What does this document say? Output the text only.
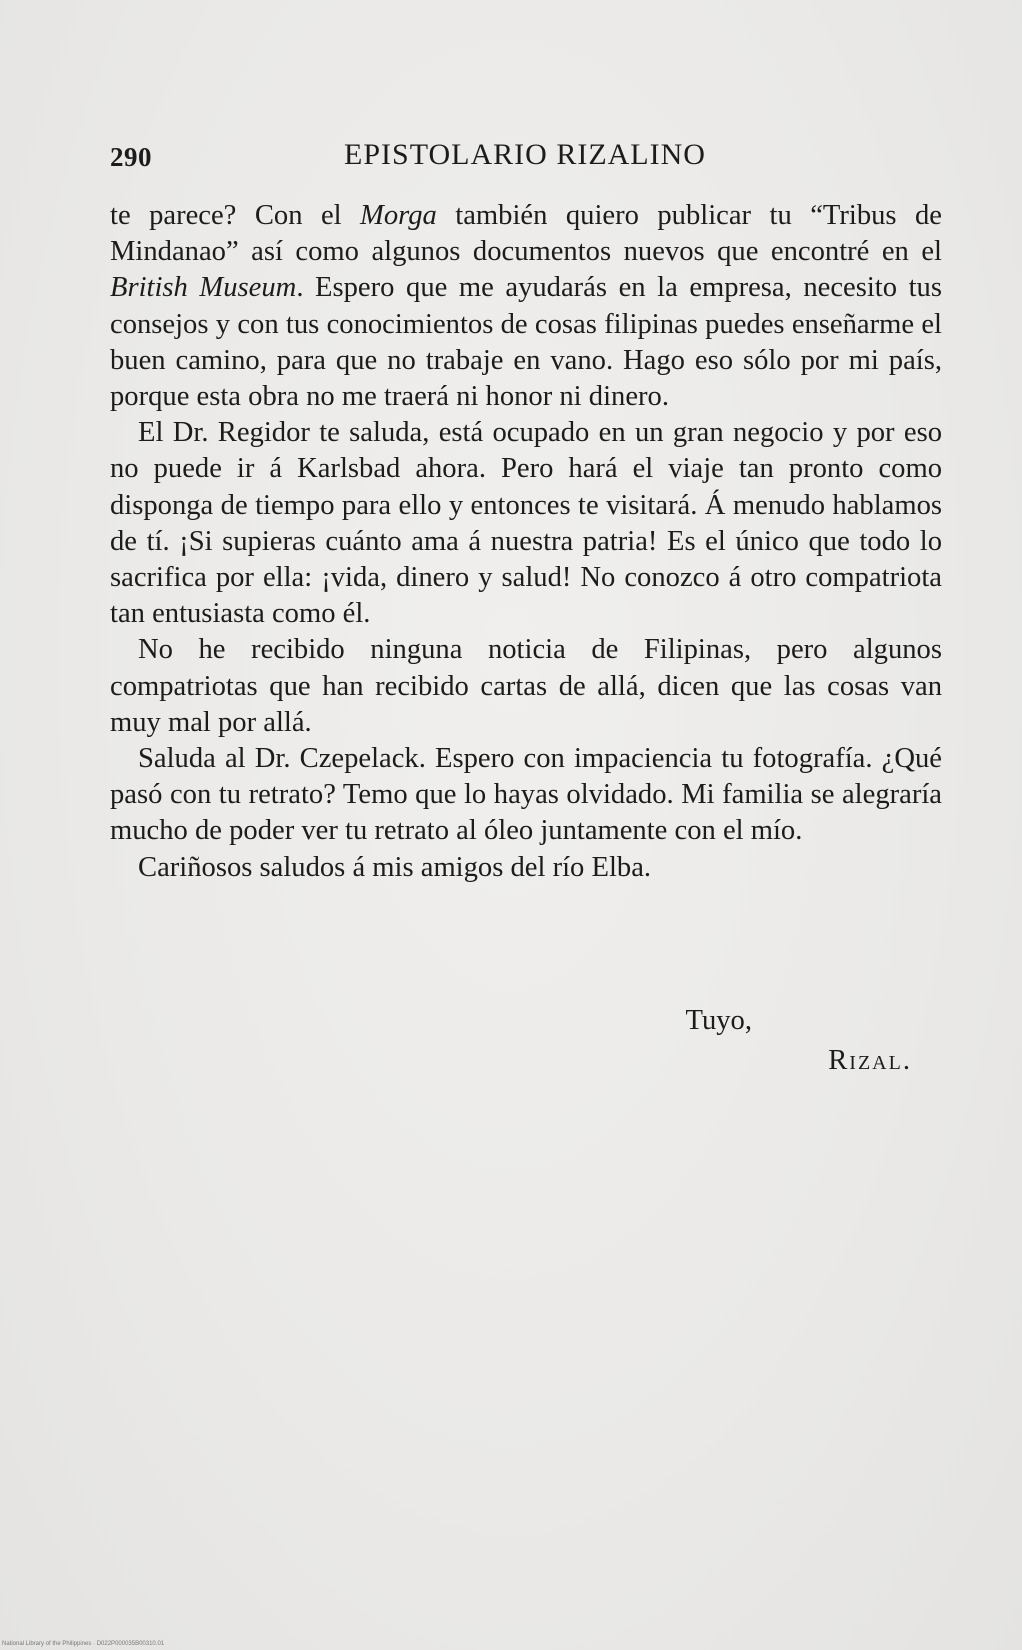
290	EPISTOLARIO RIZALINO

te parece? Con el Morga también quiero publicar tu “Tribus de Mindanao” así como algunos documentos nuevos que encontré en el British Museum. Espero que me ayudarás en la empresa, necesito tus consejos y con tus conocimientos de cosas filipinas puedes enseñarme el buen camino, para que no trabaje en vano. Hago eso sólo por mi país, porque esta obra no me traerá ni honor ni dinero.

El Dr. Regidor te saluda, está ocupado en un gran negocio y por eso no puede ir á Karlsbad ahora. Pero hará el viaje tan pronto como disponga de tiempo para ello y entonces te visitará. Á menudo hablamos de tí. ¡Si supieras cuánto ama á nuestra patria! Es el único que todo lo sacrifica por ella: ¡vida, dinero y salud! No conozco á otro compatriota tan entusiasta como él.

No he recibido ninguna noticia de Filipinas, pero algunos compatriotas que han recibido cartas de allá, dicen que las cosas van muy mal por allá.

Saluda al Dr. Czepelack. Espero con impaciencia tu fotografía. ¿Qué pasó con tu retrato? Temo que lo hayas olvidado. Mi familia se alegraría mucho de poder ver tu retrato al óleo juntamente con el mío.

Cariñosos saludos á mis amigos del río Elba.

Tuyo,
Rizal.
National Library of the Philippines · D022P000035B00310.01
